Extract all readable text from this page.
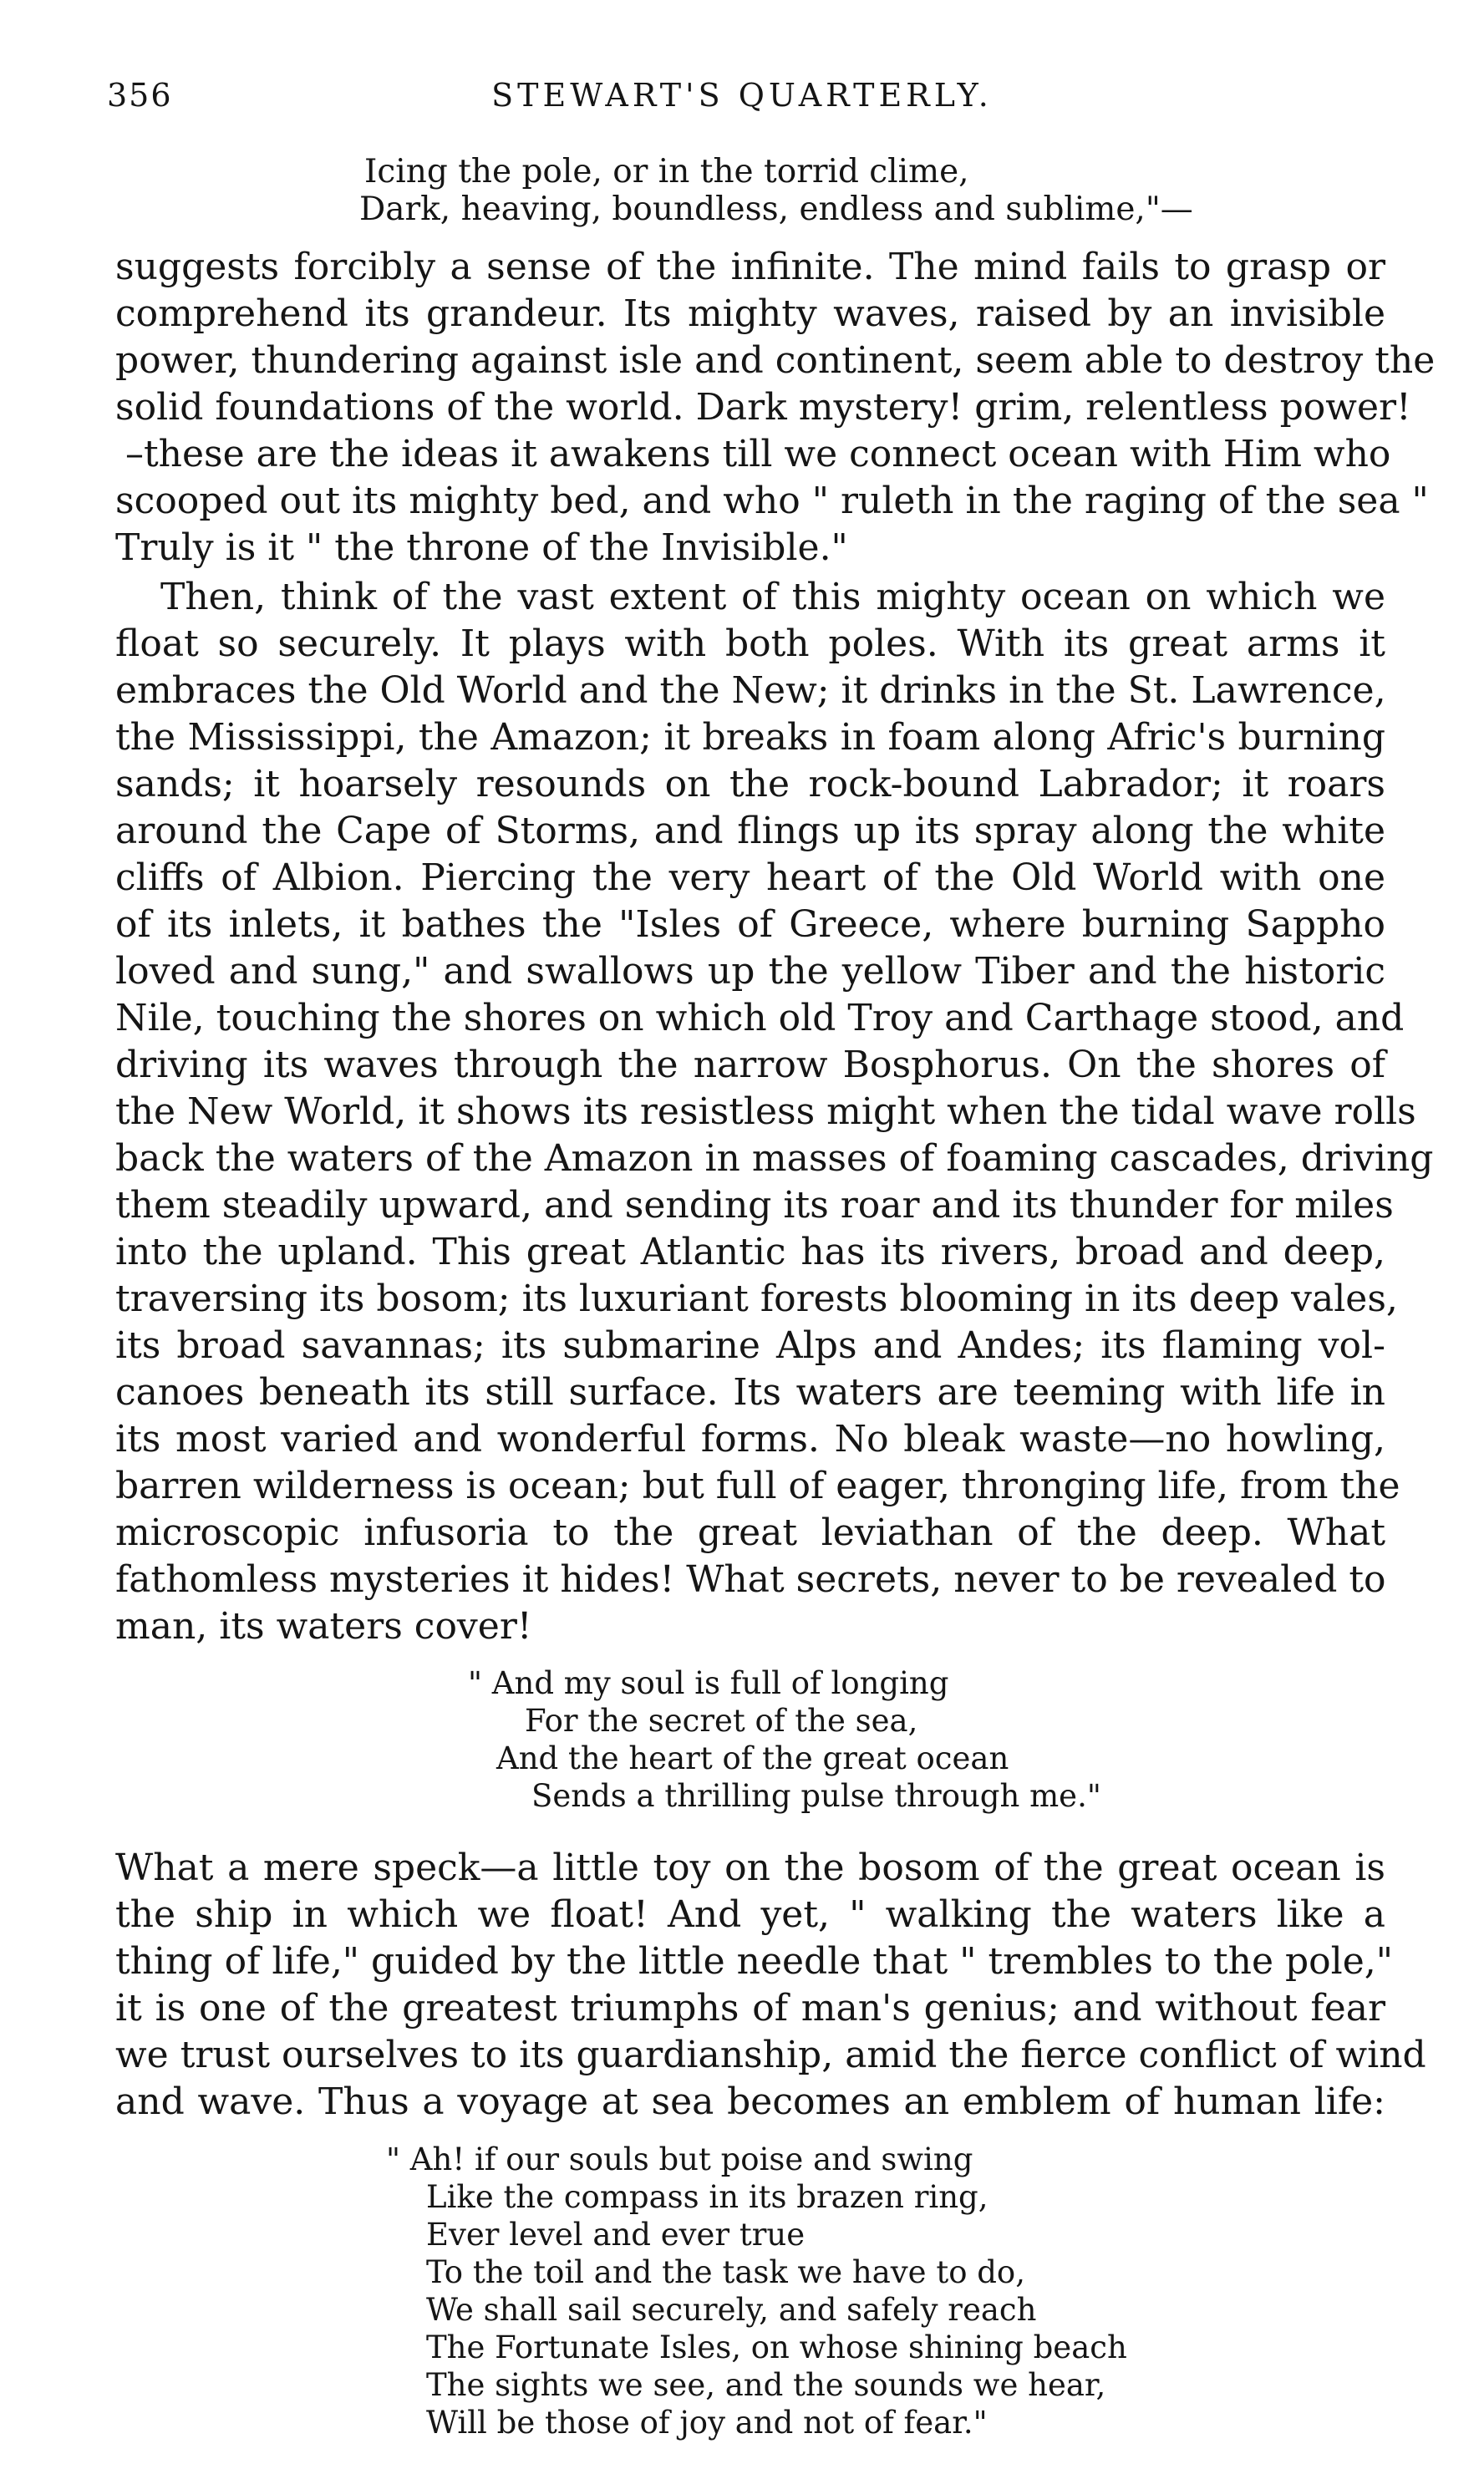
356	STEWART'S QUARTERLY.
Icing the pole, or in the torrid clime,
Dark, heaving, boundless, endless and sublime,"—
suggests forcibly a sense of the infinite. The mind fails to grasp or
comprehend its grandeur. Its mighty waves, raised by an invisible
power, thundering against isle and continent, seem able to destroy the
solid foundations of the world. Dark mystery! grim, relentless power!
–these are the ideas it awakens till we connect ocean with Him who
scooped out its mighty bed, and who " ruleth in the raging of the sea "
Truly is it " the throne of the Invisible."
Then, think of the vast extent of this mighty ocean on which we
float so securely. It plays with both poles. With its great arms it
embraces the Old World and the New; it drinks in the St. Lawrence,
the Mississippi, the Amazon; it breaks in foam along Afric's burning
sands; it hoarsely resounds on the rock-bound Labrador; it roars
around the Cape of Storms, and flings up its spray along the white
cliffs of Albion. Piercing the very heart of the Old World with one
of its inlets, it bathes the "Isles of Greece, where burning Sappho
loved and sung," and swallows up the yellow Tiber and the historic
Nile, touching the shores on which old Troy and Carthage stood, and
driving its waves through the narrow Bosphorus. On the shores of
the New World, it shows its resistless might when the tidal wave rolls
back the waters of the Amazon in masses of foaming cascades, driving
them steadily upward, and sending its roar and its thunder for miles
into the upland. This great Atlantic has its rivers, broad and deep,
traversing its bosom; its luxuriant forests blooming in its deep vales,
its broad savannas; its submarine Alps and Andes; its flaming vol-
canoes beneath its still surface. Its waters are teeming with life in
its most varied and wonderful forms. No bleak waste—no howling,
barren wilderness is ocean; but full of eager, thronging life, from the
microscopic infusoria to the great leviathan of the deep. What
fathomless mysteries it hides! What secrets, never to be revealed to
man, its waters cover!
" And my soul is full of longing
For the secret of the sea,
And the heart of the great ocean
Sends a thrilling pulse through me."
What a mere speck—a little toy on the bosom of the great ocean is
the ship in which we float! And yet, " walking the waters like a
thing of life," guided by the little needle that " trembles to the pole,"
it is one of the greatest triumphs of man's genius; and without fear
we trust ourselves to its guardianship, amid the fierce conflict of wind
and wave. Thus a voyage at sea becomes an emblem of human life:
" Ah! if our souls but poise and swing
Like the compass in its brazen ring,
Ever level and ever true
To the toil and the task we have to do,
We shall sail securely, and safely reach
The Fortunate Isles, on whose shining beach
The sights we see, and the sounds we hear,
Will be those of joy and not of fear."
